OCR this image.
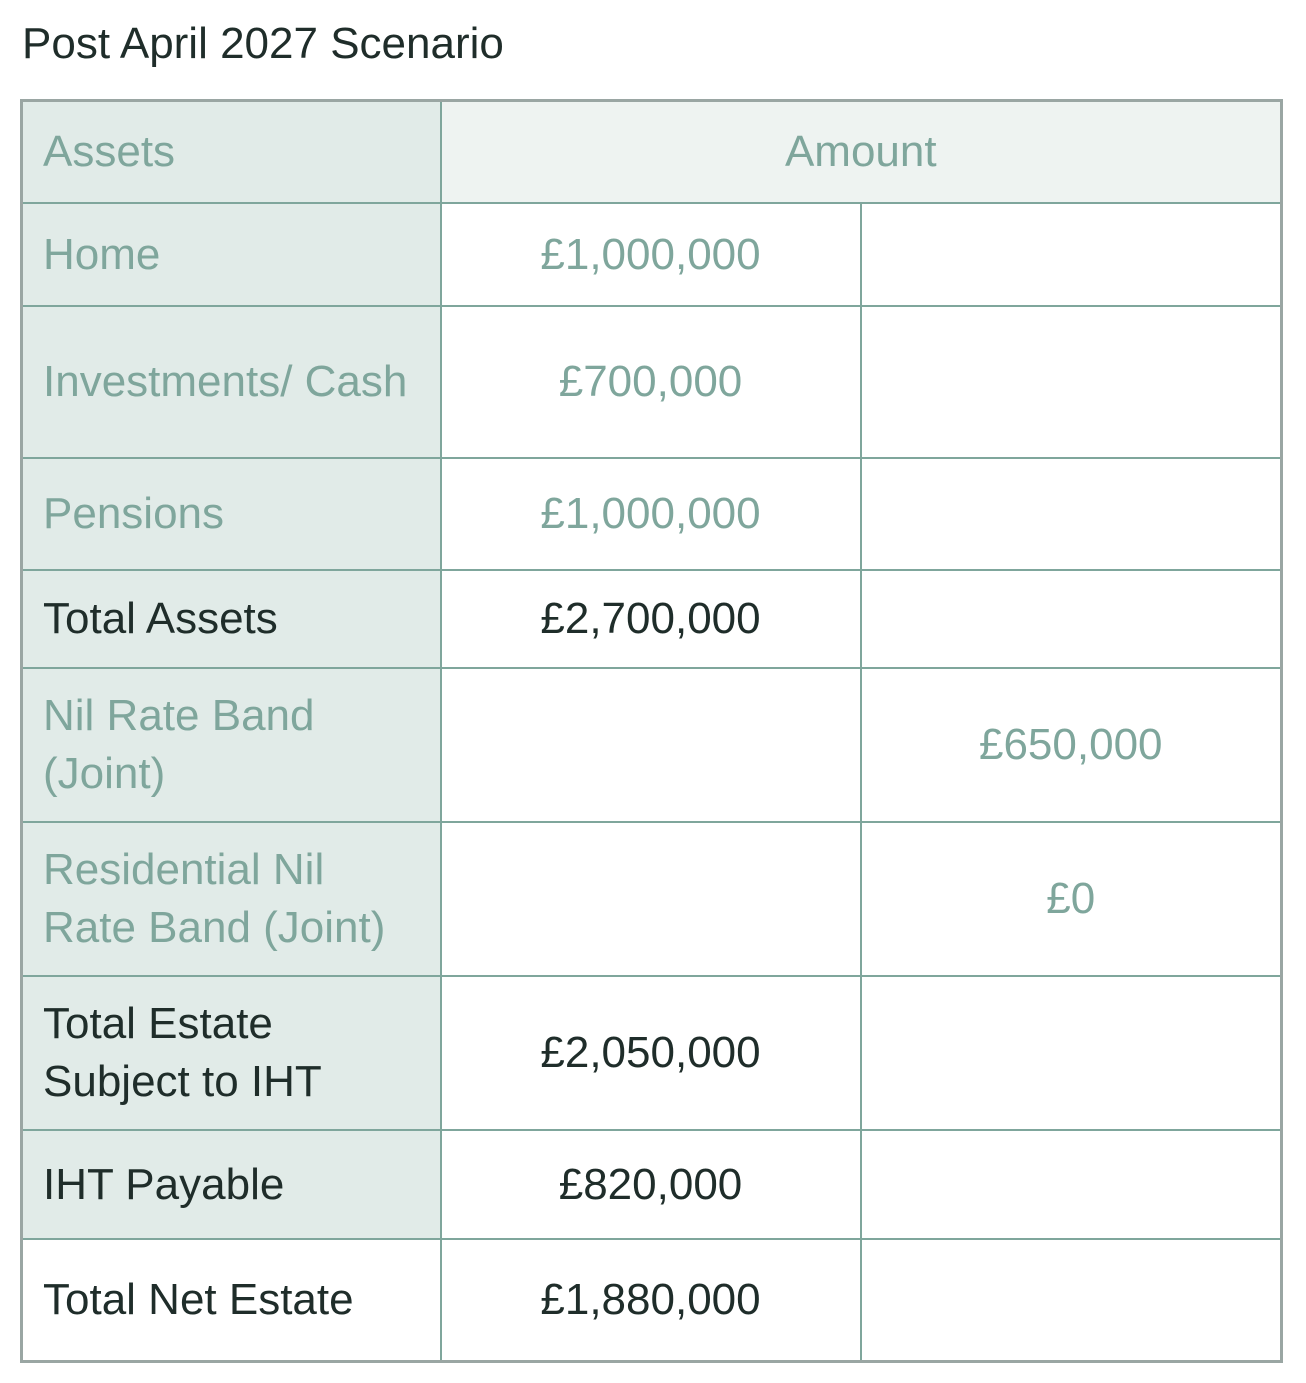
Post April 2027 Scenario
Assets	Amount	
Home	£1,000,000	
Investments/ Cash	£700,000	
Pensions	£1,000,000	
Total Assets	£2,700,000	
Nil Rate Band (Joint)		£650,000
Residential Nil Rate Band (Joint)		£0
Total Estate Subject to IHT	£2,050,000	
IHT Payable	£820,000	
Total Net Estate	£1,880,000	
